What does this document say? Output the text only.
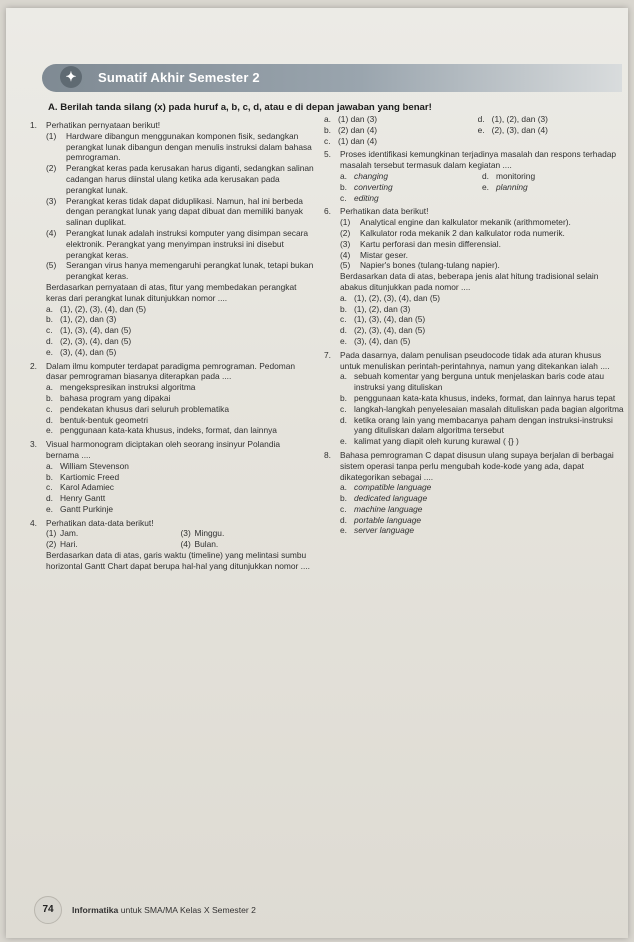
✦	Sumatif Akhir Semester 2
A. Berilah tanda silang (x) pada huruf a, b, c, d, atau e di depan jawaban yang benar!
1.	Perhatikan pernyataan berikut!
(1)	Hardware dibangun menggunakan komponen fisik, sedangkan perangkat lunak dibangun dengan menulis instruksi dalam bahasa pemrograman.
(2)	Perangkat keras pada kerusakan harus diganti, sedangkan salinan cadangan harus diinstal ulang ketika ada kerusakan pada perangkat lunak.
(3)	Perangkat keras tidak dapat diduplikasi. Namun, hal ini berbeda dengan perangkat lunak yang dapat dibuat dan memiliki banyak salinan duplikat.
(4)	Perangkat lunak adalah instruksi komputer yang disimpan secara elektronik. Perangkat yang menyimpan instruksi ini disebut perangkat keras.
(5)	Serangan virus hanya memengaruhi perangkat lunak, tetapi bukan perangkat keras.
Berdasarkan pernyataan di atas, fitur yang membedakan perangkat keras dari perangkat lunak ditunjukkan nomor ....
a. (1), (2), (3), (4), dan (5)
b. (1), (2), dan (3)
c. (1), (3), (4), dan (5)
d. (2), (3), (4), dan (5)
e. (3), (4), dan (5)
2.	Dalam ilmu komputer terdapat paradigma pemrograman. Pedoman dasar pemrograman biasanya diterapkan pada ....
a. mengekspresikan instruksi algoritma
b. bahasa program yang dipakai
c. pendekatan khusus dari seluruh problematika
d. bentuk-bentuk geometri
e. penggunaan kata-kata khusus, indeks, format, dan lainnya
3.	Visual harmonogram diciptakan oleh seorang insinyur Polandia bernama ....
a. William Stevenson
b. Kartiomic Freed
c. Karol Adamiec
d. Henry Gantt
e. Gantt Purkinje
4.	Perhatikan data-data berikut!
(1) Jam.	(3) Minggu.
(2) Hari.	(4) Bulan.
Berdasarkan data di atas, garis waktu (timeline) yang melintasi sumbu horizontal Gantt Chart dapat berupa hal-hal yang ditunjukkan nomor ....
a. (1) dan (3)	d. (1), (2), dan (3)
b. (2) dan (4)	e. (2), (3), dan (4)
c. (1) dan (4)
5.	Proses identifikasi kemungkinan terjadinya masalah dan respons terhadap masalah tersebut termasuk dalam kegiatan ....
a. changing	d. monitoring
b. converting	e. planning
c. editing
6.	Perhatikan data berikut!
(1)	Analytical engine dan kalkulator mekanik (arithmometer).
(2)	Kalkulator roda mekanik 2 dan kalkulator roda numerik.
(3)	Kartu perforasi dan mesin differensial.
(4)	Mistar geser.
(5)	Napier's bones (tulang-tulang napier).
Berdasarkan data di atas, beberapa jenis alat hitung tradisional selain abakus ditunjukkan pada nomor ....
a. (1), (2), (3), (4), dan (5)
b. (1), (2), dan (3)
c. (1), (3), (4), dan (5)
d. (2), (3), (4), dan (5)
e. (3), (4), dan (5)
7.	Pada dasarnya, dalam penulisan pseudocode tidak ada aturan khusus untuk menuliskan perintah-perintahnya, namun yang ditekankan ialah ....
a. sebuah komentar yang berguna untuk menjelaskan baris code atau instruksi yang dituliskan
b. penggunaan kata-kata khusus, indeks, format, dan lainnya harus tepat
c. langkah-langkah penyelesaian masalah dituliskan pada bagian algoritma
d. ketika orang lain yang membacanya paham dengan instruksi-instruksi yang dituliskan dalam algoritma tersebut
e. kalimat yang diapit oleh kurung kurawal ( {} )
8.	Bahasa pemrograman C dapat disusun ulang supaya berjalan di berbagai sistem operasi tanpa perlu mengubah kode-kode yang ada, dapat dikategorikan sebagai ....
a. compatible language
b. dedicated language
c. machine language
d. portable language
e. server language
74	Informatika untuk SMA/MA Kelas X Semester 2
